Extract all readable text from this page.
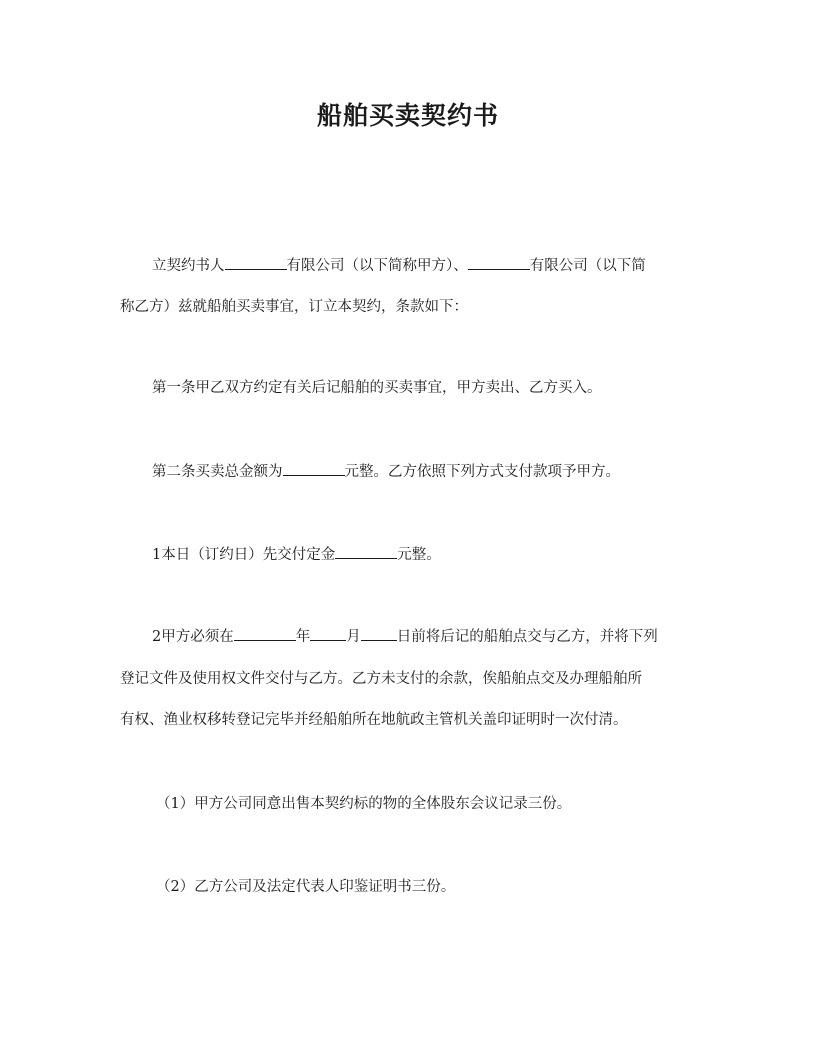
船舶买卖契约书
立契约书人	有限公司（以下简称甲方）、	有限公司（以下简
称乙方）兹就船舶买卖事宜，订立本契约，条款如下：
第一条甲乙双方约定有关后记船舶的买卖事宜，甲方卖出、乙方买入。
第二条买卖总金额为	元整。乙方依照下列方式支付款项予甲方。
1本日（订约日）先交付定金	元整。
2甲方必须在	年 月 日前将后记的船舶点交与乙方，并将下列
登记文件及使用权文件交付与乙方。乙方未支付的余款，俟船舶点交及办理船舶所
有权、渔业权移转登记完毕并经船舶所在地航政主管机关盖印证明时一次付清。
（1）甲方公司同意出售本契约标的物的全体股东会议记录三份。
（2）乙方公司及法定代表人印鉴证明书三份。
